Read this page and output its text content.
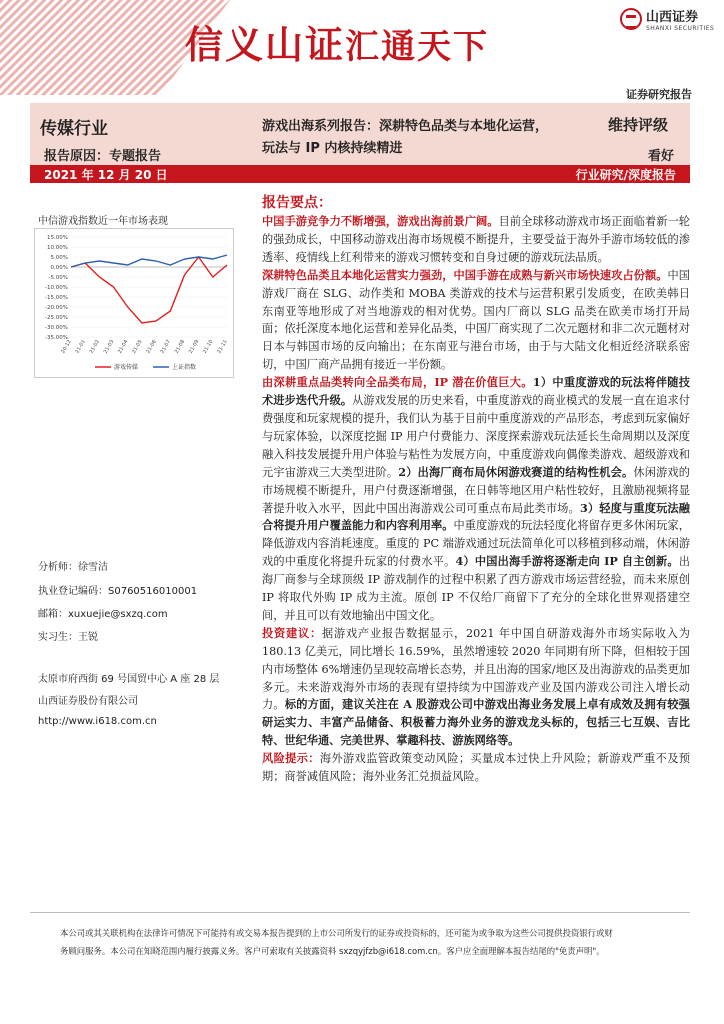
信义山证汇通天下
山西证券
SHANXI SECURITIES
证券研究报告
传媒行业
报告原因：专题报告
游戏出海系列报告：深耕特色品类与本地化运营，
玩法与 IP 内核持续精进
维持评级
看好
2021 年 12 月 20 日	行业研究/深度报告
中信游戏指数近一年市场表现
15.00%
10.00%
5.00%
0.00%
-5.00%
-10.00%
-15.00%
-20.00%
-25.00%
-30.00%
-35.00%
20-12 21-01 21-02 21-03 21-04 21-05 21-06 21-07 21-08 21-09 21-10 21-11
游戏传媒	上证指数
分析师：徐雪洁
执业登记编码：S0760516010001
邮箱：xuxuejie@sxzq.com
实习生：王锐
太原市府西街 69 号国贸中心 A 座 28 层
山西证券股份有限公司
http://www.i618.com.cn
报告要点：

中国手游竞争力不断增强，游戏出海前景广阔。目前全球移动游戏市场正面临着新一轮的强劲成长，中国移动游戏出海市场规模不断提升，主要受益于海外手游市场较低的渗透率、疫情线上红利带来的游戏习惯转变和自身过硬的游戏玩法品质。

深耕特色品类且本地化运营实力强劲，中国手游在成熟与新兴市场快速攻占份额。中国游戏厂商在 SLG、动作类和 MOBA 类游戏的技术与运营积累引发质变，在欧美韩日东南亚等地形成了对当地游戏的相对优势。国内厂商以 SLG 品类在欧美市场打开局面；依托深度本地化运营和差异化品类，中国厂商实现了二次元题材和非二次元题材对日本与韩国市场的反向输出；在东南亚与港台市场，由于与大陆文化相近经济联系密切，中国厂商产品拥有接近一半份额。

由深耕重点品类转向全品类布局，IP 潜在价值巨大。1）中重度游戏的玩法将伴随技术进步迭代升级。从游戏发展的历史来看，中重度游戏的商业模式的发展一直在追求付费强度和玩家规模的提升，我们认为基于目前中重度游戏的产品形态，考虑到玩家偏好与玩家体验，以深度挖掘 IP 用户付费能力、深度探索游戏玩法延长生命周期以及深度融入科技发展提升用户体验与粘性为发展方向，中重度游戏向偶像类游戏、超级游戏和元宇宙游戏三大类型进阶。2）出海厂商布局休闲游戏赛道的结构性机会。休闲游戏的市场规模不断提升，用户付费逐渐增强，在日韩等地区用户粘性较好，且激励视频将显著提升收入水平，因此中国出海游戏公司可重点布局此类市场。3）轻度与重度玩法融合将提升用户覆盖能力和内容利用率。中重度游戏的玩法轻度化将留存更多休闲玩家，降低游戏内容消耗速度。重度的 PC 端游戏通过玩法简单化可以移植到移动端，休闲游戏的中重度化将提升玩家的付费水平。4）中国出海手游将逐渐走向 IP 自主创新。出海厂商参与全球顶级 IP 游戏制作的过程中积累了西方游戏市场运营经验，而未来原创 IP 将取代外购 IP 成为主流。原创 IP 不仅给厂商留下了充分的全球化世界观搭建空间，并且可以有效地输出中国文化。

投资建议：据游戏产业报告数据显示，2021 年中国自研游戏海外市场实际收入为 180.13 亿美元，同比增长 16.59%，虽然增速较 2020 年同期有所下降，但相较于国内市场整体 6%增速仍呈现较高增长态势，并且出海的国家/地区及出海游戏的品类更加多元。未来游戏海外市场的表现有望持续为中国游戏产业及国内游戏公司注入增长动力。标的方面，建议关注在 A 股游戏公司中游戏出海业务发展上卓有成效及拥有较强研运实力、丰富产品储备、积极蓄力海外业务的游戏龙头标的，包括三七互娱、吉比特、世纪华通、完美世界、掌趣科技、游族网络等。

风险提示：海外游戏监管政策变动风险；买量成本过快上升风险；新游戏严重不及预期；商誉减值风险；海外业务汇兑损益风险。

本公司或其关联机构在法律许可情况下可能持有或交易本报告提到的上市公司所发行的证券或投资标的，还可能为或争取为这些公司提供投资银行或财
务顾问服务。本公司在知晓范围内履行披露义务。客户可索取有关披露资料 sxzqyjfzb@i618.com.cn。客户应全面理解本报告结尾的"免责声明"。
